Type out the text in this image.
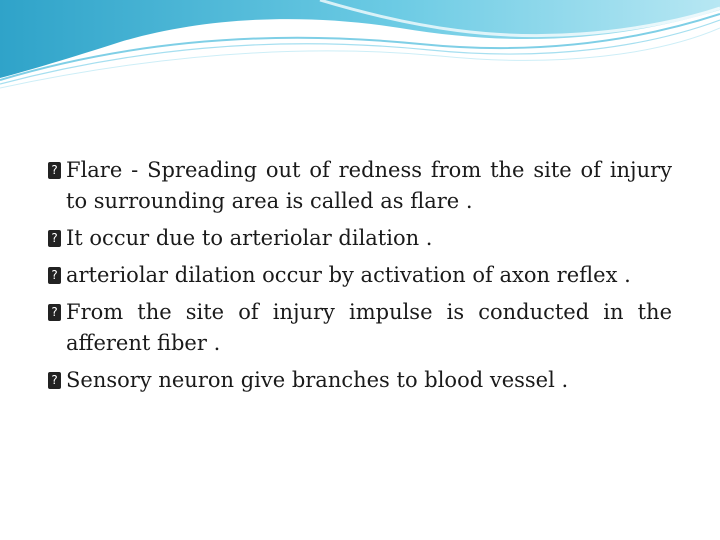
? Flare - Spreading out of redness from the site of injury to surrounding area is called as flare .
? It occur due to arteriolar dilation .
? arteriolar dilation occur by activation of axon reflex .
? From the site of injury impulse is conducted in the afferent fiber .
? Sensory neuron give branches to blood vessel .
